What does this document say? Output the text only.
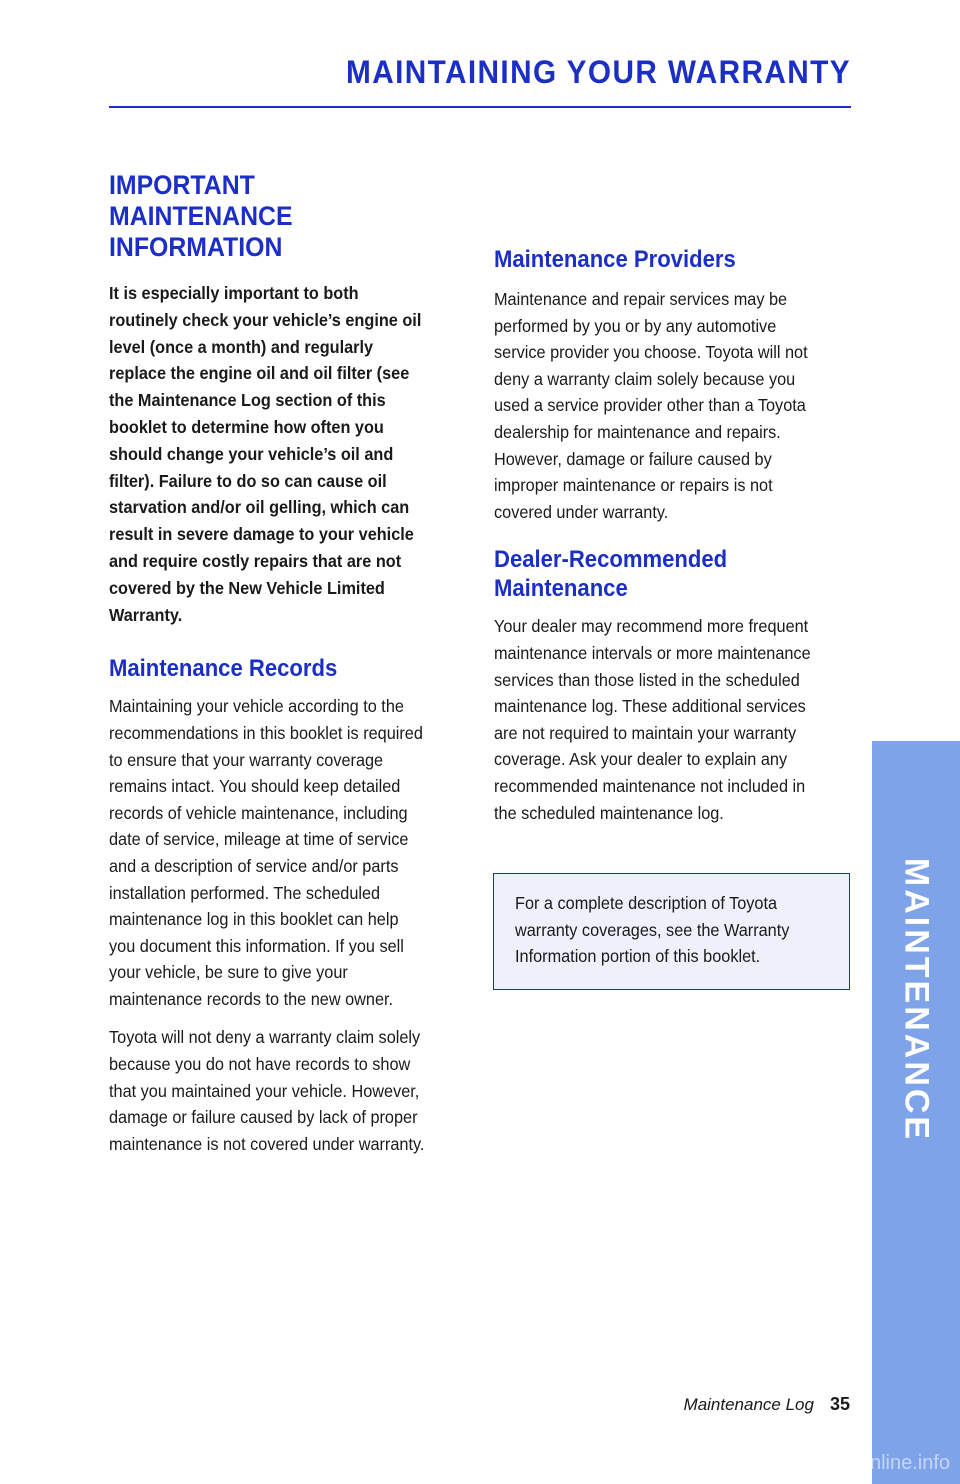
MAINTAINING YOUR WARRANTY
IMPORTANT MAINTENANCE
INFORMATION

It is especially important to both routinely check your vehicle’s engine oil level (once a month) and regularly replace the engine oil and oil filter (see the Maintenance Log section of this booklet to determine how often you should change your vehicle’s oil and filter). Failure to do so can cause oil starvation and/or oil gelling, which can result in severe damage to your vehicle and require costly repairs that are not covered by the New Vehicle Limited Warranty.

Maintenance Records

Maintaining your vehicle according to the recommendations in this booklet is required to ensure that your warranty coverage remains intact. You should keep detailed records of vehicle maintenance, including date of service, mileage at time of service and a description of service and/or parts installation performed. The scheduled maintenance log in this booklet can help you document this information. If you sell your vehicle, be sure to give your maintenance records to the new owner.

Toyota will not deny a warranty claim solely because you do not have records to show that you maintained your vehicle. However, damage or failure caused by lack of proper maintenance is not covered under warranty.

Maintenance Providers

Maintenance and repair services may be performed by you or by any automotive service provider you choose. Toyota will not deny a warranty claim solely because you used a service provider other than a Toyota dealership for maintenance and repairs. However, damage or failure caused by improper maintenance or repairs is not covered under warranty.

Dealer-Recommended
Maintenance

Your dealer may recommend more frequent maintenance intervals or more maintenance services than those listed in the scheduled maintenance log. These additional services are not required to maintain your warranty coverage. Ask your dealer to explain any recommended maintenance not included in the scheduled maintenance log.

For a complete description of Toyota warranty coverages, see the Warranty Information portion of this booklet.	MAINTENANCE
Maintenance Log 35
carmanualsonline.info
